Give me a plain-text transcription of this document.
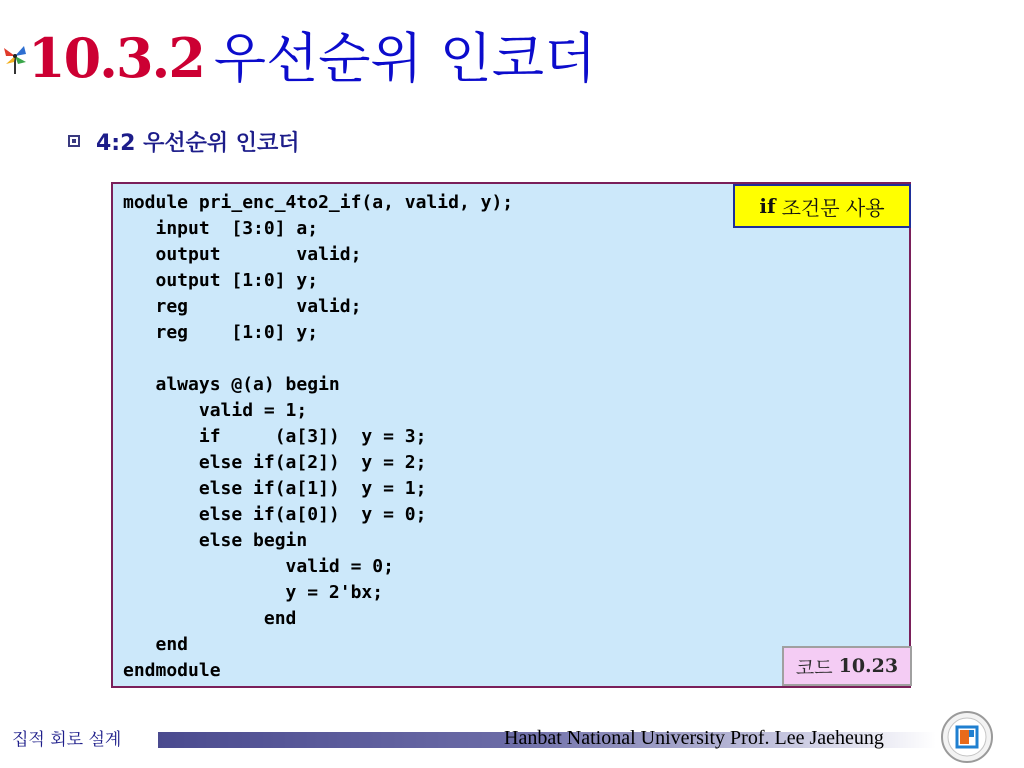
10.3.2 우선순위 인코더
4:2 우선순위 인코더
module pri_enc_4to2_if(a, valid, y);
input  [3:0] a;
output       valid;
output [1:0] y;
reg          valid;
reg    [1:0] y;

always @(a) begin
valid = 1;
if     (a[3])  y = 3;
else if(a[2])  y = 2;
else if(a[1])  y = 1;
else if(a[0])  y = 0;
else begin
valid = 0;
y = 2'bx;
end
end
endmodule

if 조건문 사용
코드 10.23
집적 회로 설계	Hanbat National University Prof. Lee Jaeheung
